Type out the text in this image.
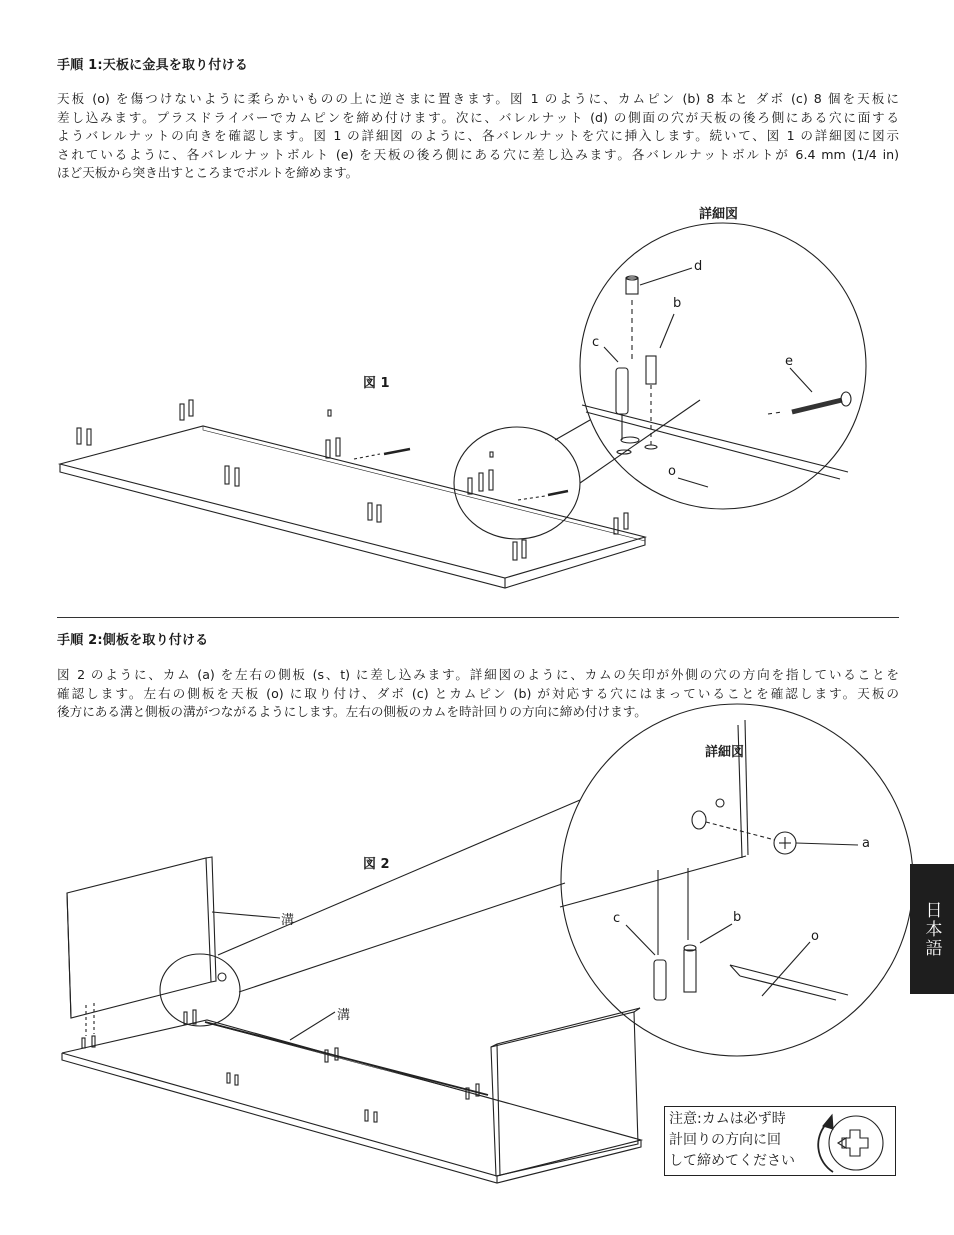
手順 1:天板に金具を取り付ける
天板 (o) を傷つけないように柔らかいものの上に逆さまに置きます。図 1 のように、カムピン (b) 8 本と ダボ (c) 8 個を天板に
差し込みます。プラスドライバーでカムピンを締め付けます。次に、バレルナット (d) の側面の穴が天板の後ろ側にある穴に面する
ようバレルナットの向きを確認します。図 1 の詳細図 のように、各バレルナットを穴に挿入します。続いて、図 1 の詳細図に図示
されているように、各バレルナットボルト (e) を天板の後ろ側にある穴に差し込みます。各バレルナットボルトが 6.4 mm (1/4 in)
ほど天板から突き出すところまでボルトを締めます。
図 1
詳細図
d
b
c
e
o
手順 2:側板を取り付ける
図 2 のように、カム (a) を左右の側板 (s、t) に差し込みます。詳細図のように、カムの矢印が外側の穴の方向を指していることを
確認します。左右の側板を天板 (o) に取り付け、ダボ (c) とカムピン (b) が対応する穴にはまっていることを確認します。天板の
後方にある溝と側板の溝がつながるようにします。左右の側板のカムを時計回りの方向に締め付けます。
図 2
詳細図
溝
溝
a
c	b
o
注意:カムは必ず時
計回りの方向に回
して締めてください
日本語
